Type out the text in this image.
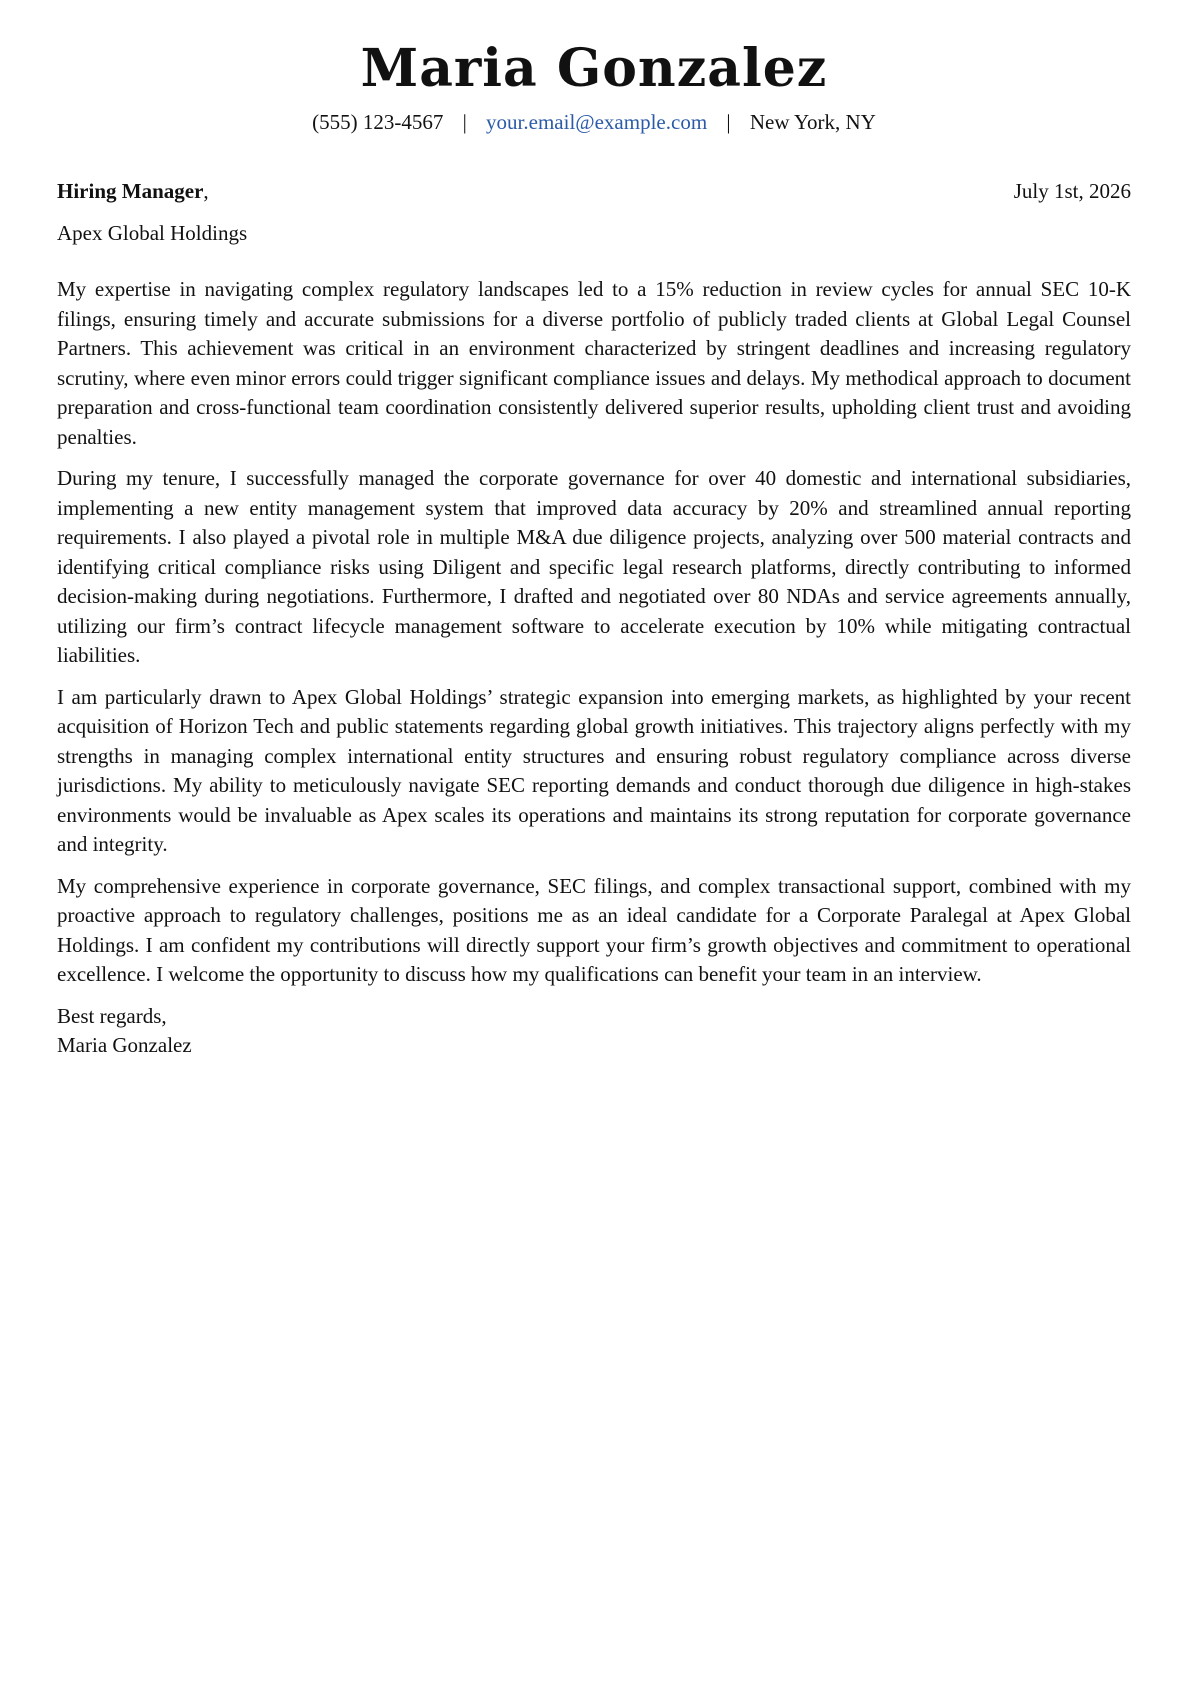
Maria Gonzalez
(555) 123-4567 | your.email@example.com | New York, NY
Hiring Manager,	July 1st, 2026
Apex Global Holdings

My expertise in navigating complex regulatory landscapes led to a 15% reduction in review cycles for annual SEC 10-K filings, ensuring timely and accurate submissions for a diverse portfolio of publicly traded clients at Global Legal Counsel Partners. This achievement was critical in an environment characterized by stringent deadlines and increasing regulatory scrutiny, where even minor errors could trigger significant compliance issues and delays. My methodical approach to document preparation and cross-functional team coordination consistently delivered superior results, upholding client trust and avoiding penalties.

During my tenure, I successfully managed the corporate governance for over 40 domestic and international subsidiaries, implementing a new entity management system that improved data accuracy by 20% and streamlined annual reporting requirements. I also played a pivotal role in multiple M&A due diligence projects, analyzing over 500 material contracts and identifying critical compliance risks using Diligent and specific legal research platforms, directly contributing to informed decision-making during negotiations. Furthermore, I drafted and negotiated over 80 NDAs and service agreements annually, utilizing our firm’s contract lifecycle management software to accelerate execution by 10% while mitigating contractual liabilities.

I am particularly drawn to Apex Global Holdings’ strategic expansion into emerging markets, as highlighted by your recent acquisition of Horizon Tech and public statements regarding global growth initiatives. This trajectory aligns perfectly with my strengths in managing complex international entity structures and ensuring robust regulatory compliance across diverse jurisdictions. My ability to meticulously navigate SEC reporting demands and conduct thorough due diligence in high-stakes environments would be invaluable as Apex scales its operations and maintains its strong reputation for corporate governance and integrity.

My comprehensive experience in corporate governance, SEC filings, and complex transactional support, combined with my proactive approach to regulatory challenges, positions me as an ideal candidate for a Corporate Paralegal at Apex Global Holdings. I am confident my contributions will directly support your firm’s growth objectives and commitment to operational excellence. I welcome the opportunity to discuss how my qualifications can benefit your team in an interview.

Best regards,
Maria Gonzalez
